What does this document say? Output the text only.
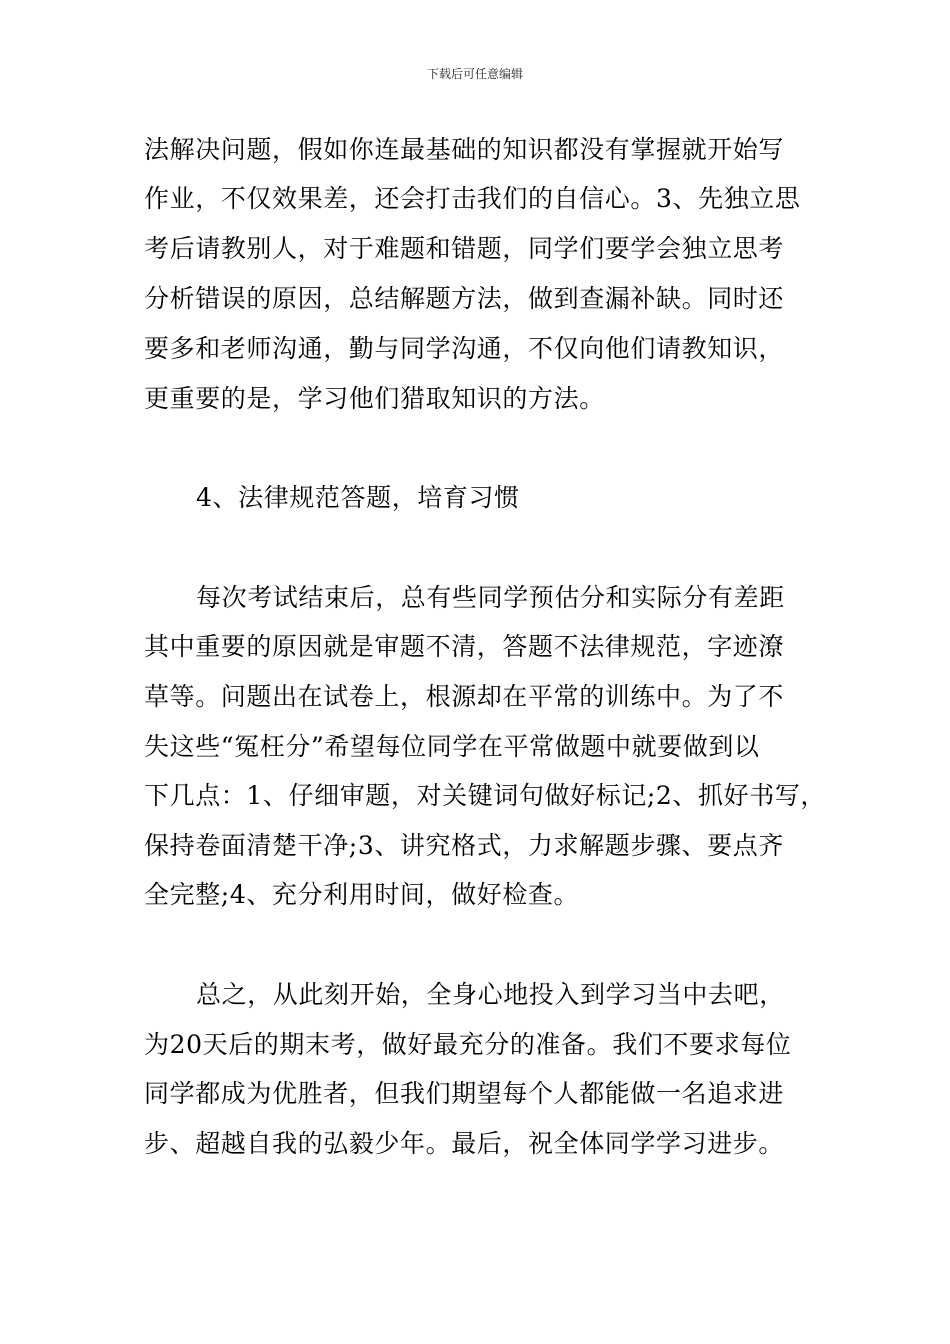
下载后可任意编辑
法解决问题，假如你连最基础的知识都没有掌握就开始写
作业，不仅效果差，还会打击我们的自信心。3、先独立思
考后请教别人，对于难题和错题，同学们要学会独立思考
分析错误的原因，总结解题方法，做到查漏补缺。同时还
要多和老师沟通，勤与同学沟通，不仅向他们请教知识，
更重要的是，学习他们猎取知识的方法。
4、法律规范答题，培育习惯
每次考试结束后，总有些同学预估分和实际分有差距
其中重要的原因就是审题不清，答题不法律规范，字迹潦
草等。问题出在试卷上，根源却在平常的训练中。为了不
失这些“冤枉分”希望每位同学在平常做题中就要做到以
下几点：1、仔细审题，对关键词句做好标记;2、抓好书写，
保持卷面清楚干净;3、讲究格式，力求解题步骤、要点齐
全完整;4、充分利用时间，做好检查。
总之，从此刻开始，全身心地投入到学习当中去吧，
为20天后的期末考，做好最充分的准备。我们不要求每位
同学都成为优胜者，但我们期望每个人都能做一名追求进
步、超越自我的弘毅少年。最后，祝全体同学学习进步。
